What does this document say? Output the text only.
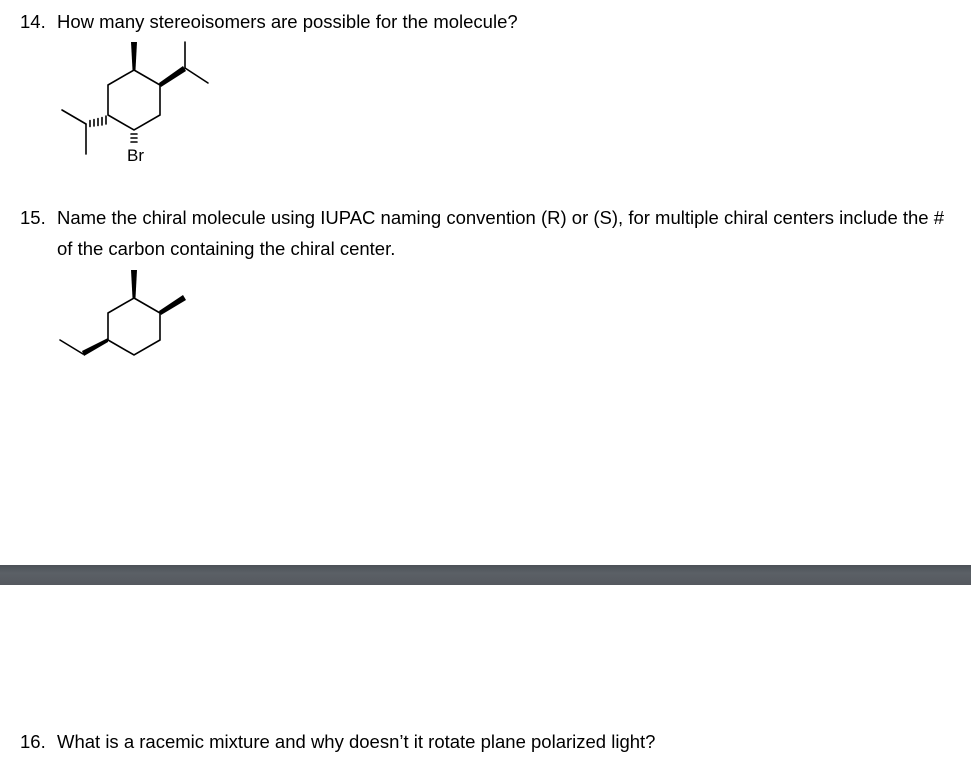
14. How many stereoisomers are possible for the molecule?
Br
15. Name the chiral molecule using IUPAC naming convention (R) or (S), for multiple chiral centers include the # of the carbon containing the chiral center.
16. What is a racemic mixture and why doesn’t it rotate plane polarized light?
